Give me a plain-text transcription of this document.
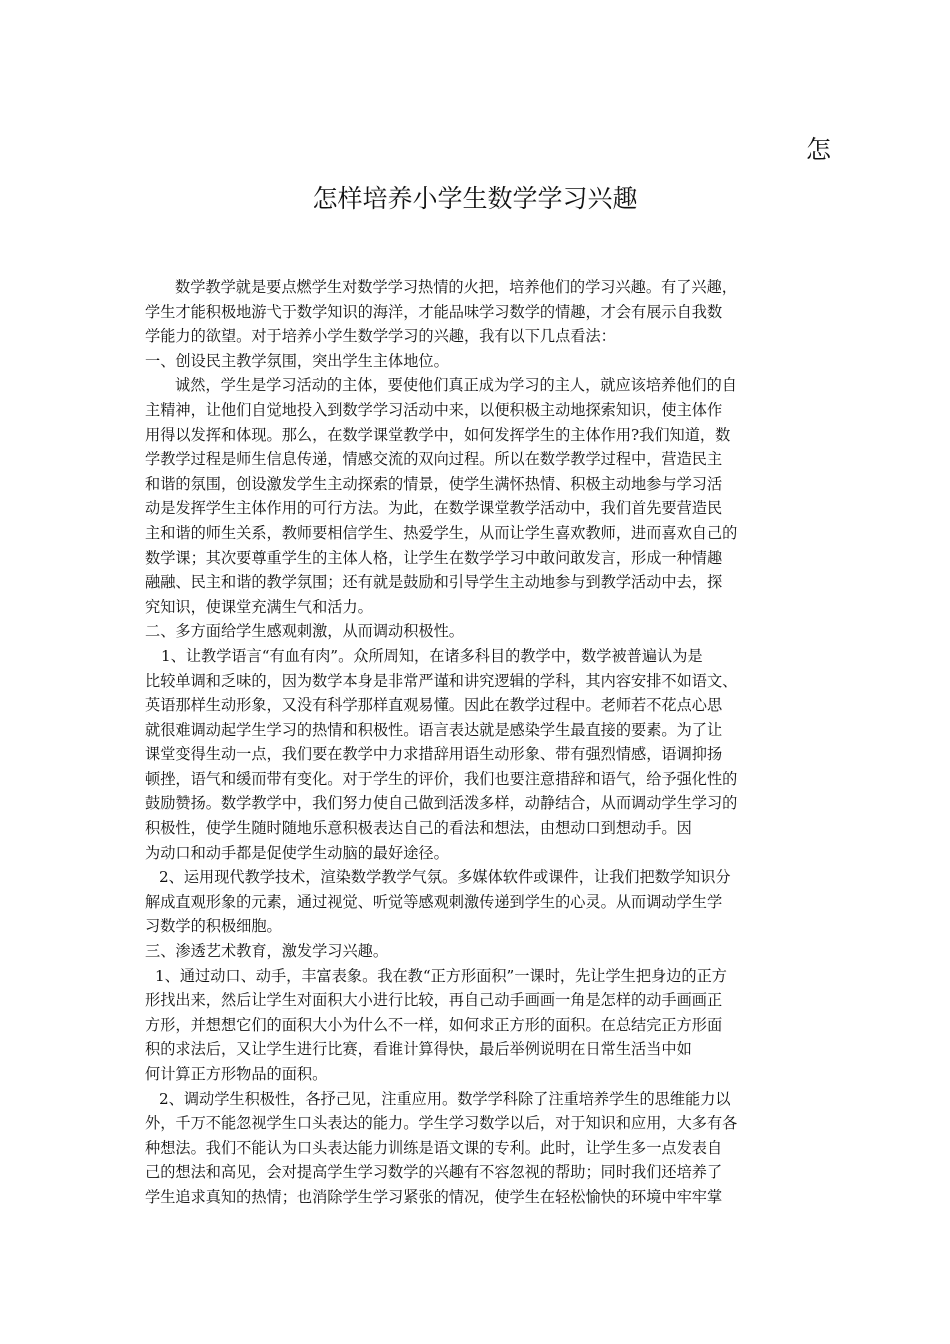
怎
怎样培养小学生数学学习兴趣
数学教学就是要点燃学生对数学学习热情的火把，培养他们的学习兴趣。有了兴趣，
学生才能积极地游弋于数学知识的海洋，才能品味学习数学的情趣，才会有展示自我数
学能力的欲望。对于培养小学生数学学习的兴趣，我有以下几点看法：
一、创设民主教学氛围，突出学生主体地位。
诚然，学生是学习活动的主体，要使他们真正成为学习的主人，就应该培养他们的自
主精神，让他们自觉地投入到数学学习活动中来，以便积极主动地探索知识，使主体作
用得以发挥和体现。那么，在数学课堂教学中，如何发挥学生的主体作用?我们知道，数
学教学过程是师生信息传递，情感交流的双向过程。所以在数学教学过程中，营造民主
和谐的氛围，创设激发学生主动探索的情景，使学生满怀热情、积极主动地参与学习活
动是发挥学生主体作用的可行方法。为此，在数学课堂教学活动中，我们首先要营造民
主和谐的师生关系，教师要相信学生、热爱学生，从而让学生喜欢教师，进而喜欢自己的
数学课；其次要尊重学生的主体人格，让学生在数学学习中敢问敢发言，形成一种情趣
融融、民主和谐的教学氛围；还有就是鼓励和引导学生主动地参与到教学活动中去，探
究知识，使课堂充满生气和活力。
二、多方面给学生感观刺激，从而调动积极性。
1、让教学语言“有血有肉”。众所周知，在诸多科目的教学中，数学被普遍认为是
比较单调和乏味的，因为数学本身是非常严谨和讲究逻辑的学科，其内容安排不如语文、
英语那样生动形象，又没有科学那样直观易懂。因此在教学过程中。老师若不花点心思
就很难调动起学生学习的热情和积极性。语言表达就是感染学生最直接的要素。为了让
课堂变得生动一点，我们要在教学中力求措辞用语生动形象、带有强烈情感，语调抑扬
顿挫，语气和缓而带有变化。对于学生的评价，我们也要注意措辞和语气，给予强化性的
鼓励赞扬。数学教学中，我们努力使自己做到活泼多样，动静结合，从而调动学生学习的
积极性，使学生随时随地乐意积极表达自己的看法和想法，由想动口到想动手。因
为动口和动手都是促使学生动脑的最好途径。
2、运用现代教学技术，渲染数学教学气氛。多媒体软件或课件，让我们把数学知识分
解成直观形象的元素，通过视觉、听觉等感观刺激传递到学生的心灵。从而调动学生学
习数学的积极细胞。
三、渗透艺术教育，激发学习兴趣。
1、通过动口、动手，丰富表象。我在教“正方形面积”一课时，先让学生把身边的正方
形找出来，然后让学生对面积大小进行比较，再自己动手画画一角是怎样的动手画画正
方形，并想想它们的面积大小为什么不一样，如何求正方形的面积。在总结完正方形面
积的求法后，又让学生进行比赛，看谁计算得快，最后举例说明在日常生活当中如
何计算正方形物品的面积。
2、调动学生积极性，各抒己见，注重应用。数学学科除了注重培养学生的思维能力以
外，千万不能忽视学生口头表达的能力。学生学习数学以后，对于知识和应用，大多有各
种想法。我们不能认为口头表达能力训练是语文课的专利。此时，让学生多一点发表自
己的想法和高见，会对提高学生学习数学的兴趣有不容忽视的帮助；同时我们还培养了
学生追求真知的热情；也消除学生学习紧张的情况，使学生在轻松愉快的环境中牢牢掌
